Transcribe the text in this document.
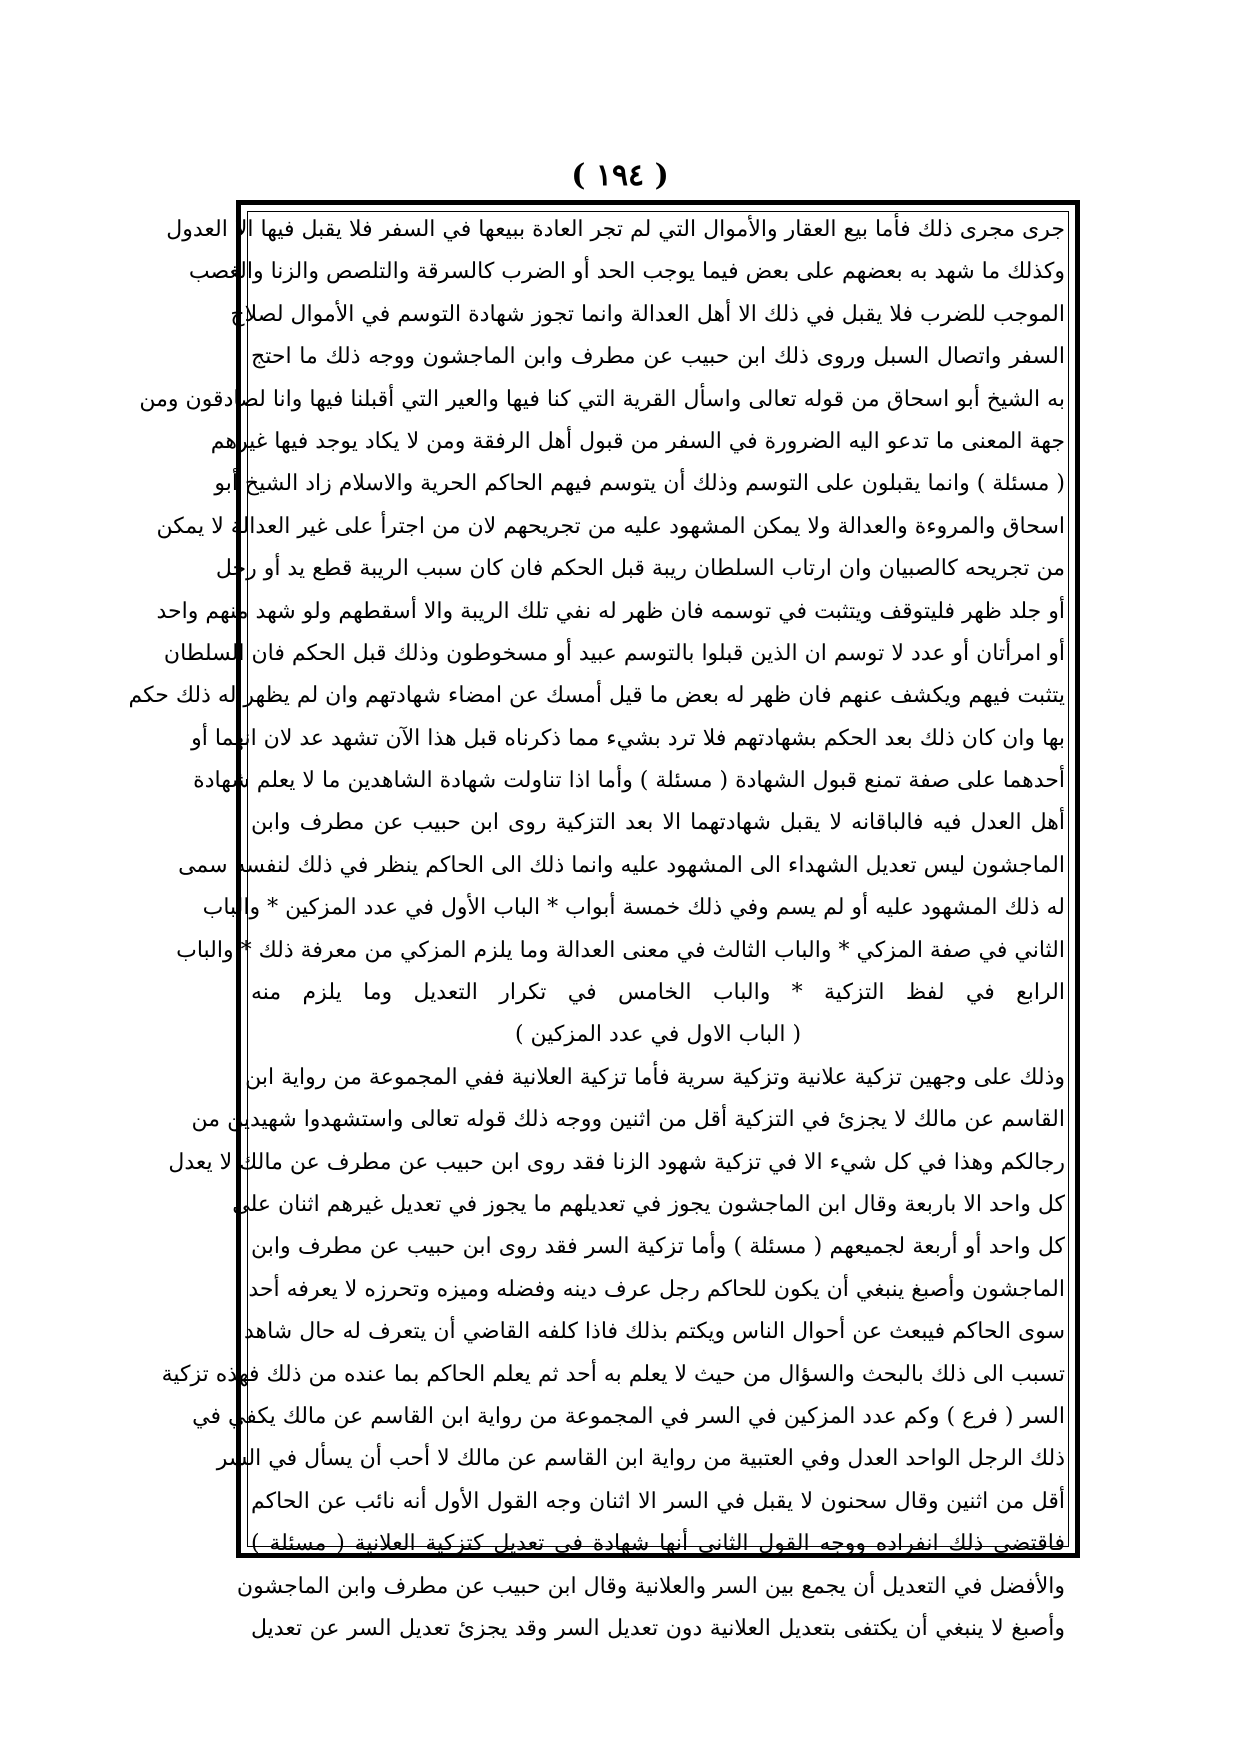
( ١٩٤ )
جرى مجرى ذلك فأما بيع العقار والأموال التي لم تجر العادة ببيعها في السفر فلا يقبل فيها الا العدول
وكذلك ما شهد به بعضهم على بعض فيما يوجب الحد أو الضرب كالسرقة والتلصص والزنا والغصب
الموجب للضرب فلا يقبل في ذلك الا أهل العدالة وانما تجوز شهادة التوسم في الأموال لصلاح
السفر واتصال السبل وروى ذلك ابن حبيب عن مطرف وابن الماجشون ووجه ذلك ما احتج
به الشيخ أبو اسحاق من قوله تعالى واسأل القرية التي كنا فيها والعير التي أقبلنا فيها وانا لصادقون ومن
جهة المعنى ما تدعو اليه الضرورة في السفر من قبول أهل الرفقة ومن لا يكاد يوجد فيها غيرهم
( مسئلة ) وانما يقبلون على التوسم وذلك أن يتوسم فيهم الحاكم الحرية والاسلام زاد الشيخ أبو
اسحاق والمروءة والعدالة ولا يمكن المشهود عليه من تجريحهم لان من اجترأ على غير العدالة لا يمكن
من تجريحه كالصبيان وان ارتاب السلطان ريبة قبل الحكم فان كان سبب الريبة قطع يد أو رجل
أو جلد ظهر فليتوقف ويتثبت في توسمه فان ظهر له نفي تلك الريبة والا أسقطهم ولو شهد منهم واحد
أو امرأتان أو عدد لا توسم ان الذين قبلوا بالتوسم عبيد أو مسخوطون وذلك قبل الحكم فان السلطان
يتثبت فيهم ويكشف عنهم فان ظهر له بعض ما قيل أمسك عن امضاء شهادتهم وان لم يظهر له ذلك حكم
بها وان كان ذلك بعد الحكم بشهادتهم فلا ترد بشيء مما ذكرناه قبل هذا الآن تشهد عد لان انهما أو
أحدهما على صفة تمنع قبول الشهادة ( مسئلة ) وأما اذا تناولت شهادة الشاهدين ما لا يعلم شهادة
أهل العدل فيه فالباقانه لا يقبل شهادتهما الا بعد التزكية روى ابن حبيب عن مطرف وابن
الماجشون ليس تعديل الشهداء الى المشهود عليه وانما ذلك الى الحاكم ينظر في ذلك لنفسه سمى
له ذلك المشهود عليه أو لم يسم وفي ذلك خمسة أبواب * الباب الأول في عدد المزكين * والباب
الثاني في صفة المزكي * والباب الثالث في معنى العدالة وما يلزم المزكي من معرفة ذلك * والباب
الرابع في لفظ التزكية * والباب الخامس في تكرار التعديل وما يلزم منه
( الباب الاول في عدد المزكين )
وذلك على وجهين تزكية علانية وتزكية سرية فأما تزكية العلانية ففي المجموعة من رواية ابن
القاسم عن مالك لا يجزئ في التزكية أقل من اثنين ووجه ذلك قوله تعالى واستشهدوا شهيدين من
رجالكم وهذا في كل شيء الا في تزكية شهود الزنا فقد روى ابن حبيب عن مطرف عن مالك لا يعدل
كل واحد الا باربعة وقال ابن الماجشون يجوز في تعديلهم ما يجوز في تعديل غيرهم اثنان على
كل واحد أو أربعة لجميعهم ( مسئلة ) وأما تزكية السر فقد روى ابن حبيب عن مطرف وابن
الماجشون وأصبغ ينبغي أن يكون للحاكم رجل عرف دينه وفضله وميزه وتحرزه لا يعرفه أحد
سوى الحاكم فيبعث عن أحوال الناس ويكتم بذلك فاذا كلفه القاضي أن يتعرف له حال شاهد
تسبب الى ذلك بالبحث والسؤال من حيث لا يعلم به أحد ثم يعلم الحاكم بما عنده من ذلك فهذه تزكية
السر ( فرع ) وكم عدد المزكين في السر في المجموعة من رواية ابن القاسم عن مالك يكفي في
ذلك الرجل الواحد العدل وفي العتبية من رواية ابن القاسم عن مالك لا أحب أن يسأل في السر
أقل من اثنين وقال سحنون لا يقبل في السر الا اثنان وجه القول الأول أنه نائب عن الحاكم
فاقتضى ذلك انفراده ووجه القول الثاني أنها شهادة في تعديل كتزكية العلانية ( مسئلة )
والأفضل في التعديل أن يجمع بين السر والعلانية وقال ابن حبيب عن مطرف وابن الماجشون
وأصبغ لا ينبغي أن يكتفى بتعديل العلانية دون تعديل السر وقد يجزئ تعديل السر عن تعديل
